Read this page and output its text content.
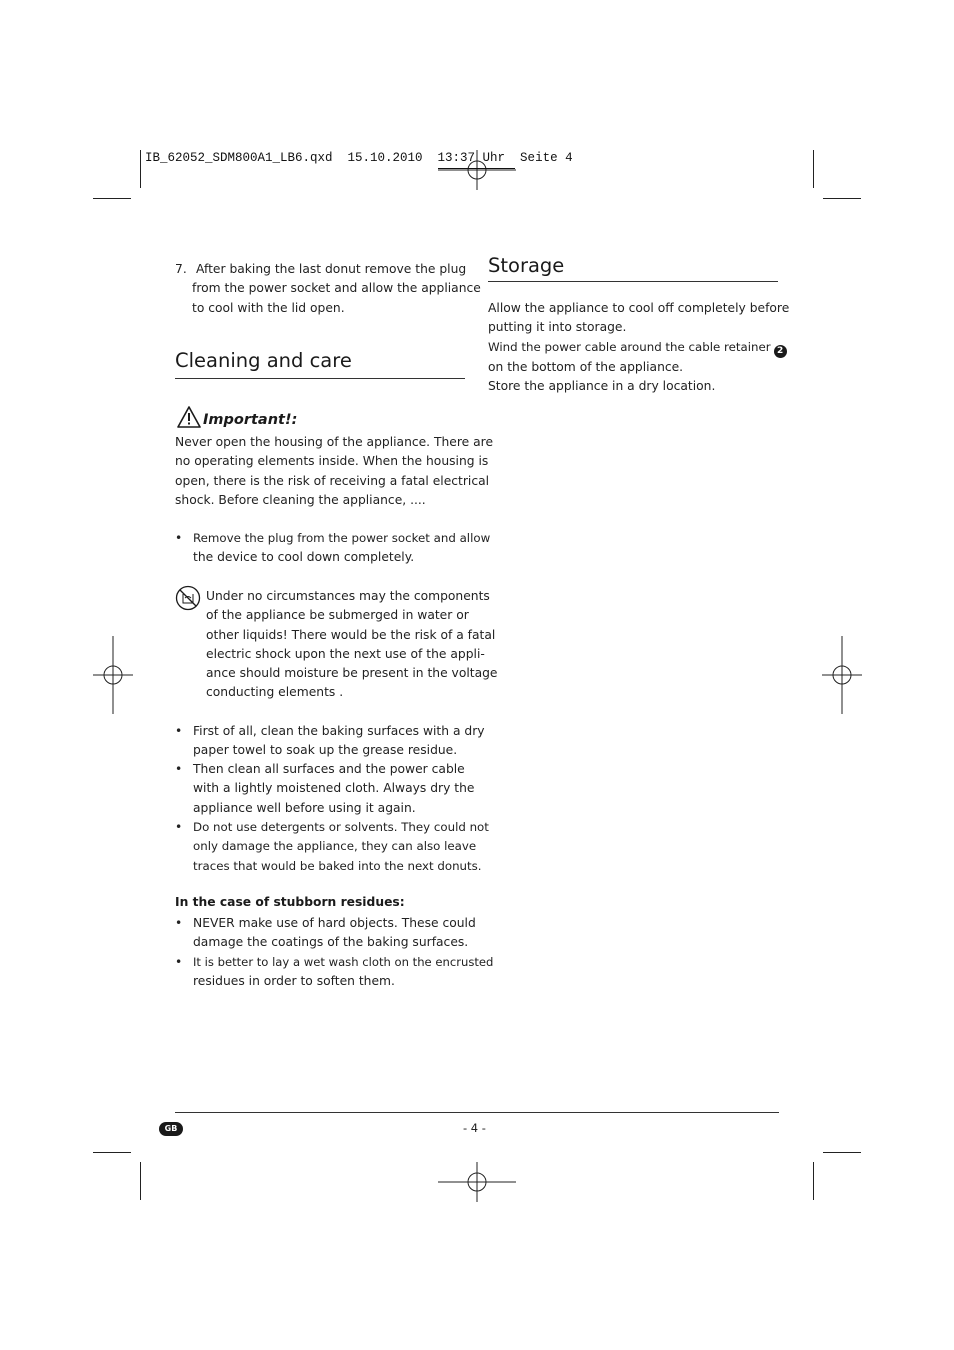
IB_62052_SDM800A1_LB6.qxd  15.10.2010  13:37 Uhr  Seite 4
7. After baking the last donut remove the plug
from the power socket and allow the appliance
to cool with the lid open.
Cleaning and care
Important!:
Never open the housing of the appliance. There are
no operating elements inside. When the housing is
open, there is the risk of receiving a fatal electrical
shock. Before cleaning the appliance, ....
• Remove the plug from the power socket and allow
the device to cool down completely.
Under no circumstances may the components
of the appliance be submerged in water or
other liquids! There would be the risk of a fatal
electric shock upon the next use of the appli-
ance should moisture be present in the voltage
conducting elements .
• First of all, clean the baking surfaces with a dry
paper towel to soak up the grease residue.
• Then clean all surfaces and the power cable
with a lightly moistened cloth. Always dry the
appliance well before using it again.
• Do not use detergents or solvents. They could not
only damage the appliance, they can also leave
traces that would be baked into the next donuts.
In the case of stubborn residues:
• NEVER make use of hard objects. These could
damage the coatings of the baking surfaces.
• It is better to lay a wet wash cloth on the encrusted
residues in order to soften them.
Storage
Allow the appliance to cool off completely before
putting it into storage.
Wind the power cable around the cable retainer 2
on the bottom of the appliance.
Store the appliance in a dry location.
GB	- 4 -
